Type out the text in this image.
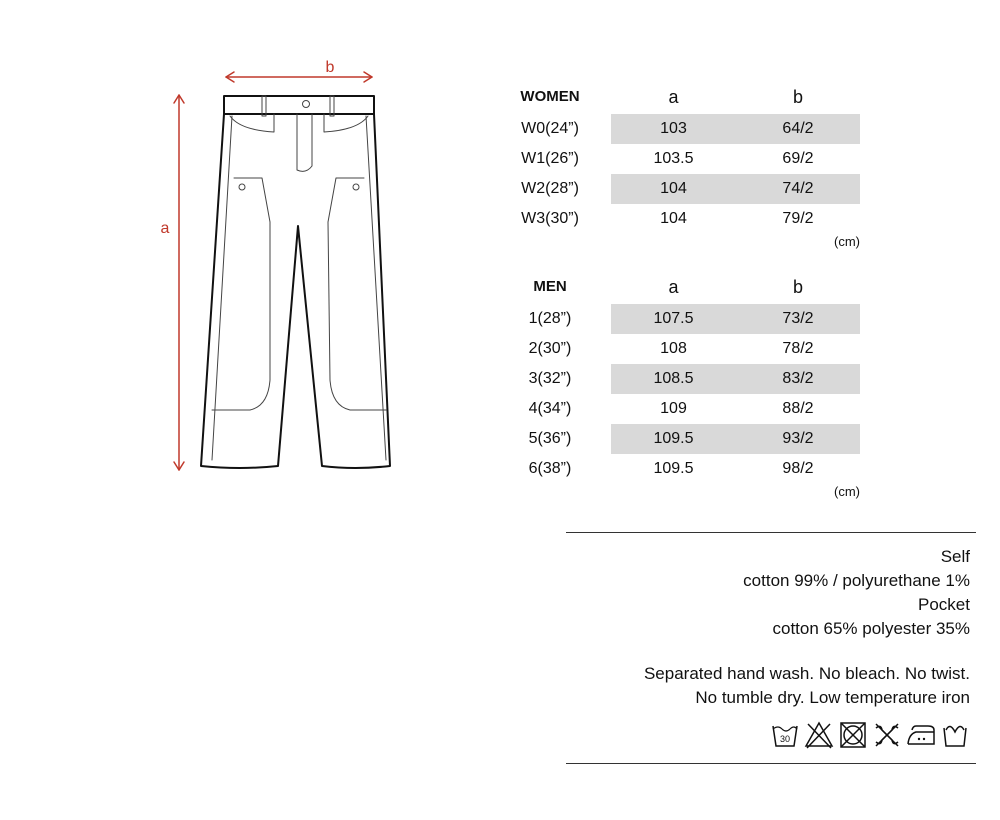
b
a
WOMEN	a	b
W0(24”)	103	64/2
W1(26”)	103.5	69/2
W2(28”)	104	74/2
W3(30”)	104	79/2
(cm)
MEN	a	b
1(28”)	107.5	73/2
2(30”)	108	78/2
3(32”)	108.5	83/2
4(34”)	109	88/2
5(36”)	109.5	93/2
6(38”)	109.5	98/2
(cm)
Self
cotton 99% / polyurethane 1%
Pocket
cotton 65% polyester 35%
Separated hand wash. No bleach. No twist.
No tumble dry. Low temperature iron
30
